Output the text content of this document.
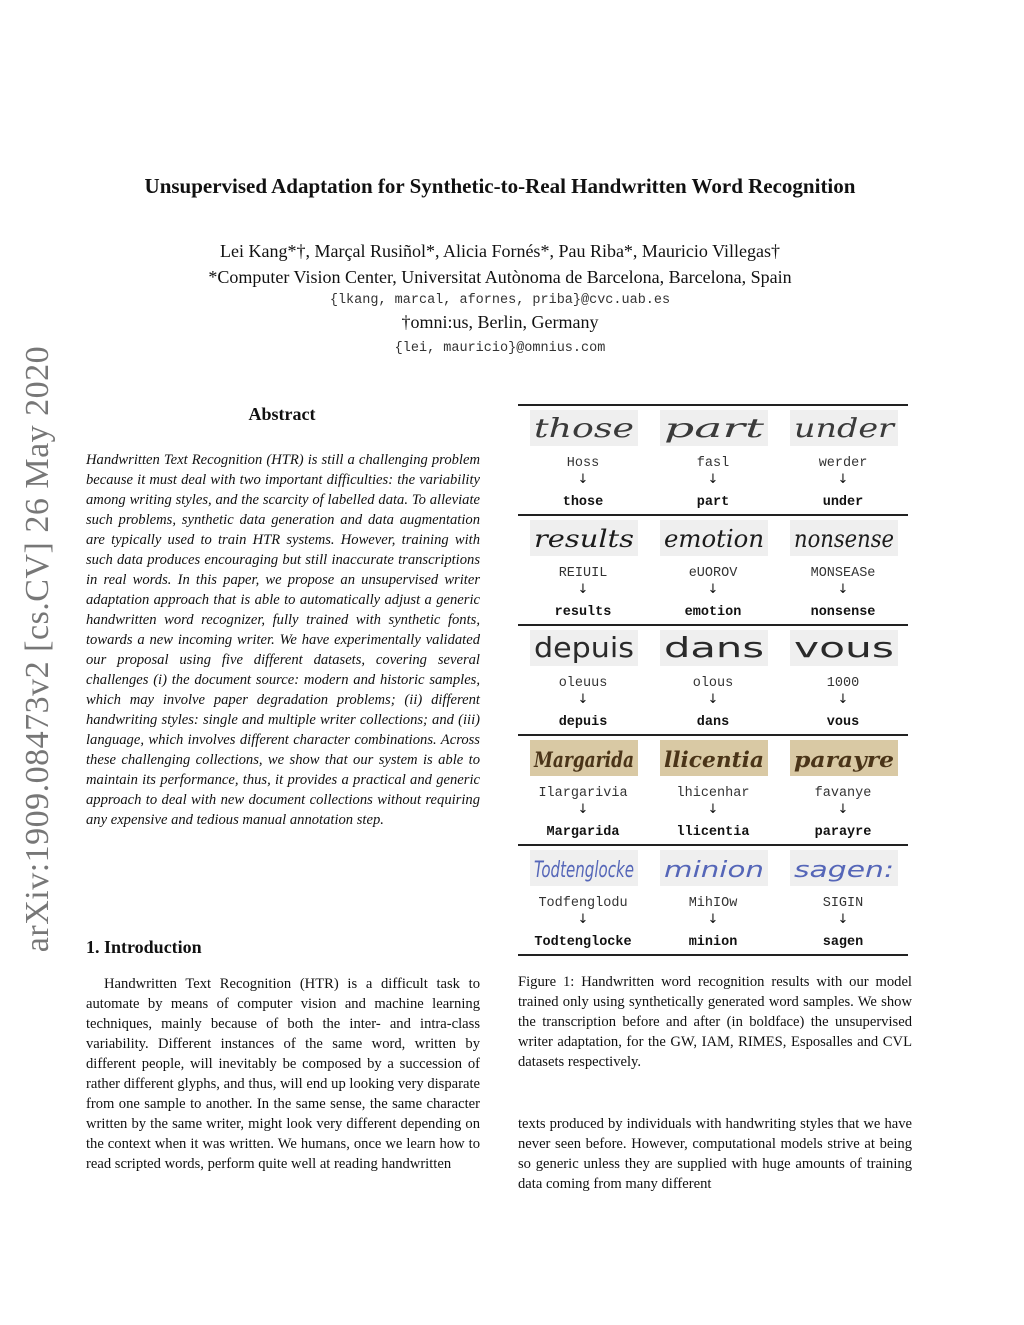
arXiv:1909.08473v2 [cs.CV] 26 May 2020
Unsupervised Adaptation for Synthetic-to-Real Handwritten Word Recognition
Lei Kang*†, Marçal Rusiñol*, Alicia Fornés*, Pau Riba*, Mauricio Villegas†
*Computer Vision Center, Universitat Autònoma de Barcelona, Barcelona, Spain
{lkang, marcal, afornes, priba}@cvc.uab.es
†omni:us, Berlin, Germany
{lei, mauricio}@omnius.com
Abstract
Handwritten Text Recognition (HTR) is still a challenging problem because it must deal with two important difficulties: the variability among writing styles, and the scarcity of labelled data. To alleviate such problems, synthetic data generation and data augmentation are typically used to train HTR systems. However, training with such data produces encouraging but still inaccurate transcriptions in real words. In this paper, we propose an unsupervised writer adaptation approach that is able to automatically adjust a generic handwritten word recognizer, fully trained with synthetic fonts, towards a new incoming writer. We have experimentally validated our proposal using five different datasets, covering several challenges (i) the document source: modern and historic samples, which may involve paper degradation problems; (ii) different handwriting styles: single and multiple writer collections; and (iii) language, which involves different character combinations. Across these challenging collections, we show that our system is able to maintain its performance, thus, it provides a practical and generic approach to deal with new document collections without requiring any expensive and tedious manual annotation step.
1. Introduction
Handwritten Text Recognition (HTR) is a difficult task to automate by means of computer vision and machine learning techniques, mainly because of both the inter- and intra-class variability. Different instances of the same word, written by different people, will inevitably be composed by a succession of rather different glyphs, and thus, will end up looking very disparate from one sample to another. In the same sense, the same character written by the same writer, might look very different depending on the context when it was written. We humans, once we learn how to read scripted words, perform quite well at reading handwritten
those
Hoss
↓
those
part
fasl
↓
part
under
werder
↓
under
results
REIUIL
↓
results
emotion
eUOROV
↓
emotion
nonsense
MONSEASe
↓
nonsense
depuis
oleuus
↓
depuis
dans
olous
↓
dans
vous
1000
↓
vous
Margarida
Ilargarivia
↓
Margarida
llicentia
lhicenhar
↓
llicentia
parayre
favanye
↓
parayre
Todtenglocke
Todfenglodu
↓
Todtenglocke
minion
MihIOw
↓
minion
sagen:
SIGIN
↓
sagen
Figure 1: Handwritten word recognition results with our model trained only using synthetically generated word samples. We show the transcription before and after (in boldface) the unsupervised writer adaptation, for the GW, IAM, RIMES, Esposalles and CVL datasets respectively.
texts produced by individuals with handwriting styles that we have never seen before. However, computational models strive at being so generic unless they are supplied with huge amounts of training data coming from many different
